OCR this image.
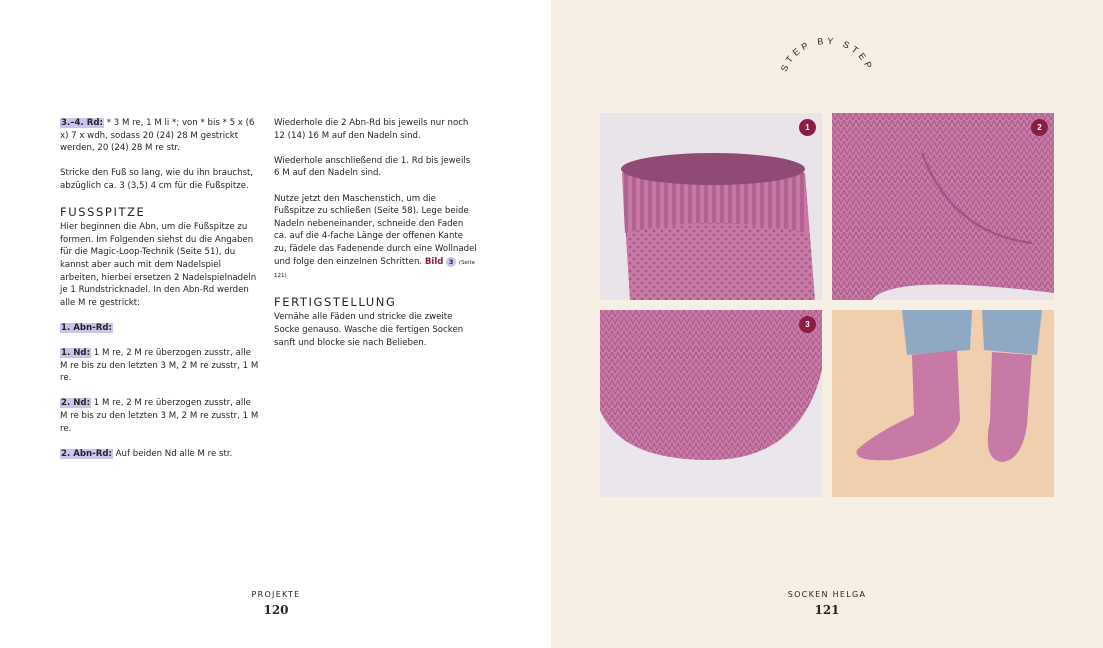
3.–4. Rd: * 3 M re, 1 M li *; von * bis * 5 x (6 x) 7 x wdh, sodass 20 (24) 28 M gestrickt werden, 20 (24) 28 M re str.

Stricke den Fuß so lang, wie du ihn brauchst, abzüglich ca. 3 (3,5) 4 cm für die Fußspitze.

FUSSSPITZE

Hier beginnen die Abn, um die Fußspitze zu formen. Im Folgenden siehst du die Angaben für die Magic-Loop-Technik (Seite 51), du kannst aber auch mit dem Nadelspiel arbeiten, hierbei ersetzen 2 Nadelspielnadeln je 1 Rundstricknadel. In den Abn-Rd werden alle M re gestrickt:

1. Abn-Rd:

1. Nd: 1 M re, 2 M re überzogen zusstr, alle M re bis zu den letzten 3 M, 2 M re zusstr, 1 M re.

2. Nd: 1 M re, 2 M re überzogen zusstr, alle M re bis zu den letzten 3 M, 2 M re zusstr, 1 M re.

2. Abn-Rd: Auf beiden Nd alle M re str.

Wiederhole die 2 Abn-Rd bis jeweils nur noch 12 (14) 16 M auf den Nadeln sind.

Wiederhole anschließend die 1. Rd bis jeweils 6 M auf den Nadeln sind.

Nutze jetzt den Maschenstich, um die Fußspitze zu schließen (Seite 58). Lege beide Nadeln nebeneinander, schneide den Faden ca. auf die 4-fache Länge der offenen Kante zu, fädele das Fadenende durch eine Wollnadel und folge den einzelnen Schritten. Bild 3 (Seite 121)

FERTIGSTELLUNG

Vernähe alle Fäden und stricke die zweite Socke genauso. Wasche die fertigen Socken sanft und blocke sie nach Belieben.

PROJEKTE
120
SOCKEN HELGA
121
STEP BY STEP
1	2
3
